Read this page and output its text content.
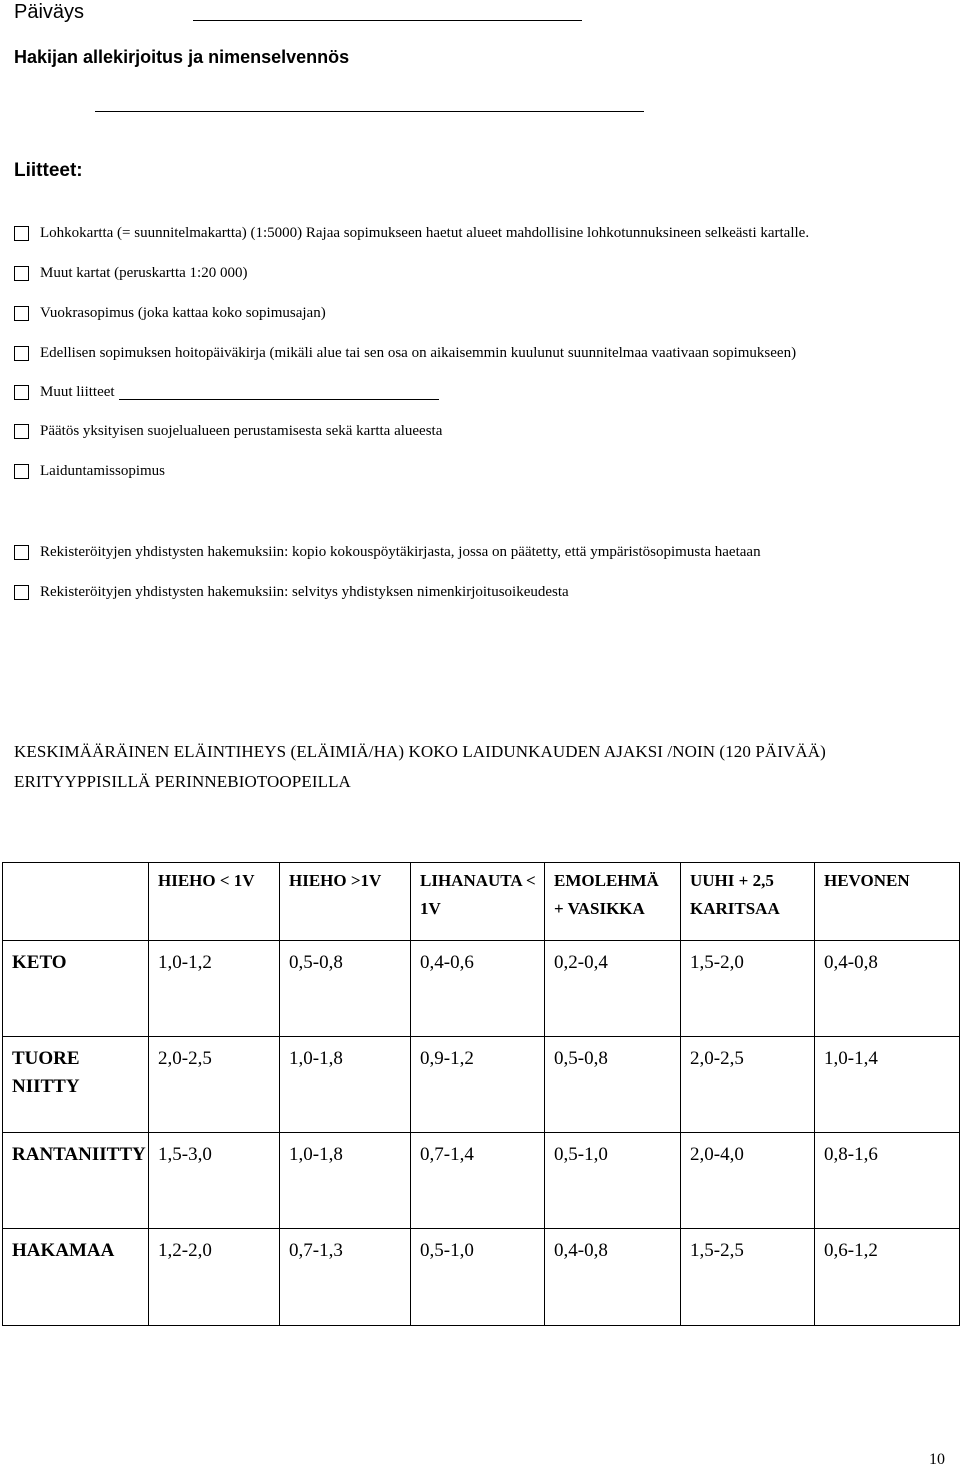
Päiväys
Hakijan allekirjoitus ja nimenselvennös
Liitteet:
Lohkokartta (= suunnitelmakartta) (1:5000) Rajaa sopimukseen haetut alueet mahdollisine lohkotunnuksineen selkeästi kartalle.
Muut kartat (peruskartta 1:20 000)
Vuokrasopimus (joka kattaa koko sopimusajan)
Edellisen sopimuksen hoitopäiväkirja (mikäli alue tai sen osa on aikaisemmin kuulunut suunnitelmaa vaativaan sopimukseen)
Muut liitteet
Päätös yksityisen suojelualueen perustamisesta sekä kartta alueesta
Laiduntamissopimus
Rekisteröityjen yhdistysten hakemuksiin: kopio kokouspöytäkirjasta, jossa on päätetty, että ympäristösopimusta haetaan
Rekisteröityjen yhdistysten hakemuksiin: selvitys yhdistyksen nimenkirjoitusoikeudesta
KESKIMÄÄRÄINEN ELÄINTIHEYS (ELÄIMIÄ/HA) KOKO LAIDUNKAUDEN AJAKSI /NOIN (120 PÄIVÄÄ)
ERITYYPPISILLÄ PERINNEBIOTOOPEILLA
	HIEHO < 1V	HIEHO >1V	LIHANAUTA < 1V	EMOLEHMÄ + VASIKKA	UUHI + 2,5 KARITSAA	HEVONEN
KETO	1,0-1,2	0,5-0,8	0,4-0,6	0,2-0,4	1,5-2,0	0,4-0,8
TUORE NIITTY	2,0-2,5	1,0-1,8	0,9-1,2	0,5-0,8	2,0-2,5	1,0-1,4
RANTANIITTY	1,5-3,0	1,0-1,8	0,7-1,4	0,5-1,0	2,0-4,0	0,8-1,6
HAKAMAA	1,2-2,0	0,7-1,3	0,5-1,0	0,4-0,8	1,5-2,5	0,6-1,2
10
